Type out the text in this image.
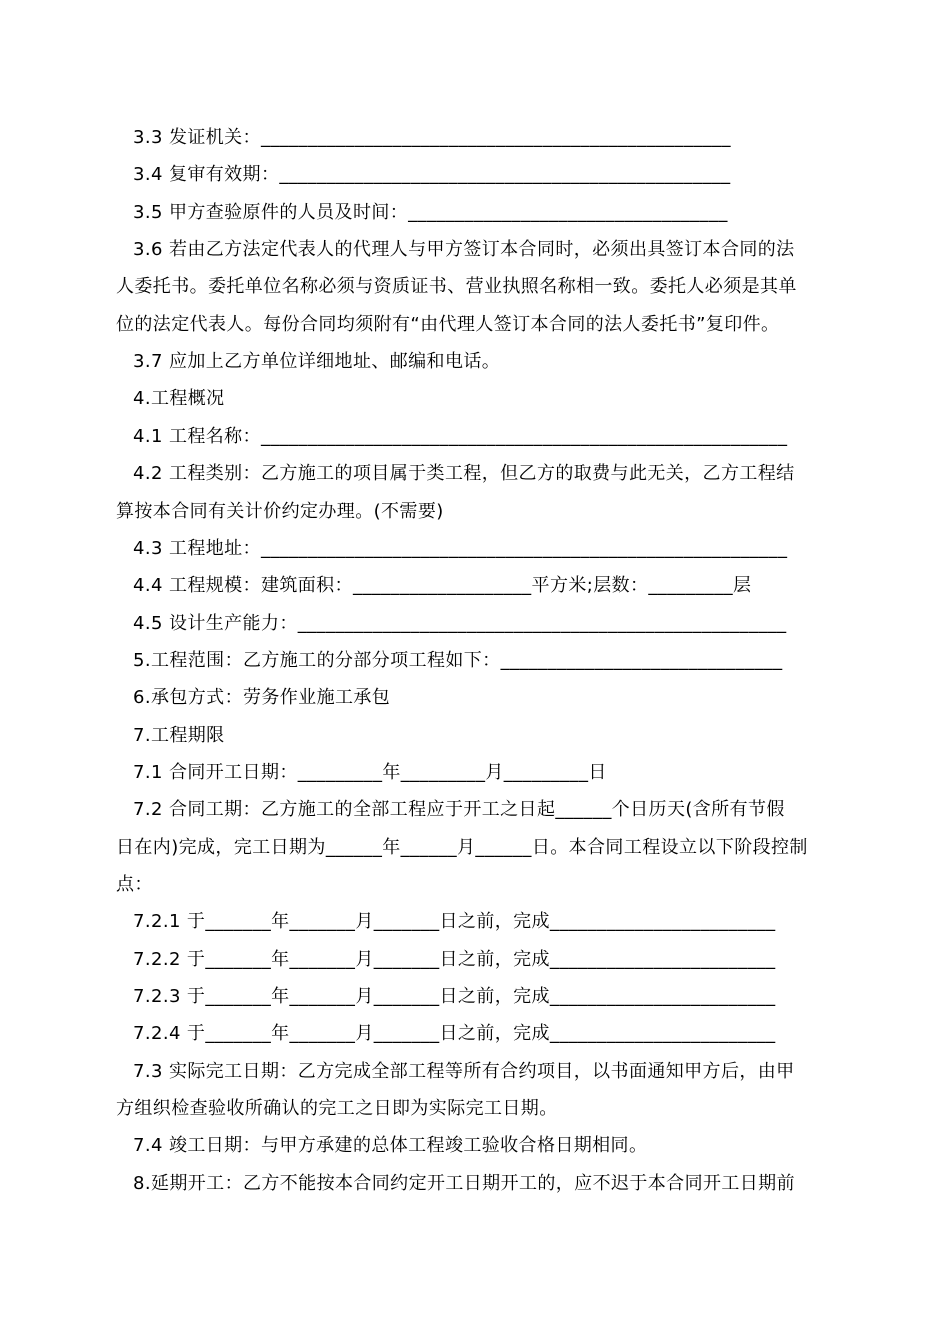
3.3 发证机关：__________________________________________________
3.4 复审有效期：________________________________________________
3.5 甲方查验原件的人员及时间：__________________________________
3.6 若由乙方法定代表人的代理人与甲方签订本合同时，必须出具签订本合同的法
人委托书。委托单位名称必须与资质证书、营业执照名称相一致。委托人必须是其单
位的法定代表人。每份合同均须附有“由代理人签订本合同的法人委托书”复印件。
3.7 应加上乙方单位详细地址、邮编和电话。
4.工程概况
4.1 工程名称：________________________________________________________
4.2 工程类别：乙方施工的项目属于类工程，但乙方的取费与此无关，乙方工程结
算按本合同有关计价约定办理。(不需要)
4.3 工程地址：________________________________________________________
4.4 工程规模：建筑面积：___________________平方米;层数：_________层
4.5 设计生产能力：____________________________________________________
5.工程范围：乙方施工的分部分项工程如下：______________________________
6.承包方式：劳务作业施工承包
7.工程期限
7.1 合同开工日期：_________年_________月_________日
7.2 合同工期：乙方施工的全部工程应于开工之日起______个日历天(含所有节假
日在内)完成，完工日期为______年______月______日。本合同工程设立以下阶段控制
点：
7.2.1 于_______年_______月_______日之前，完成________________________
7.2.2 于_______年_______月_______日之前，完成________________________
7.2.3 于_______年_______月_______日之前，完成________________________
7.2.4 于_______年_______月_______日之前，完成________________________
7.3 实际完工日期：乙方完成全部工程等所有合约项目，以书面通知甲方后，由甲
方组织检查验收所确认的完工之日即为实际完工日期。
7.4 竣工日期：与甲方承建的总体工程竣工验收合格日期相同。
8.延期开工：乙方不能按本合同约定开工日期开工的，应不迟于本合同开工日期前
